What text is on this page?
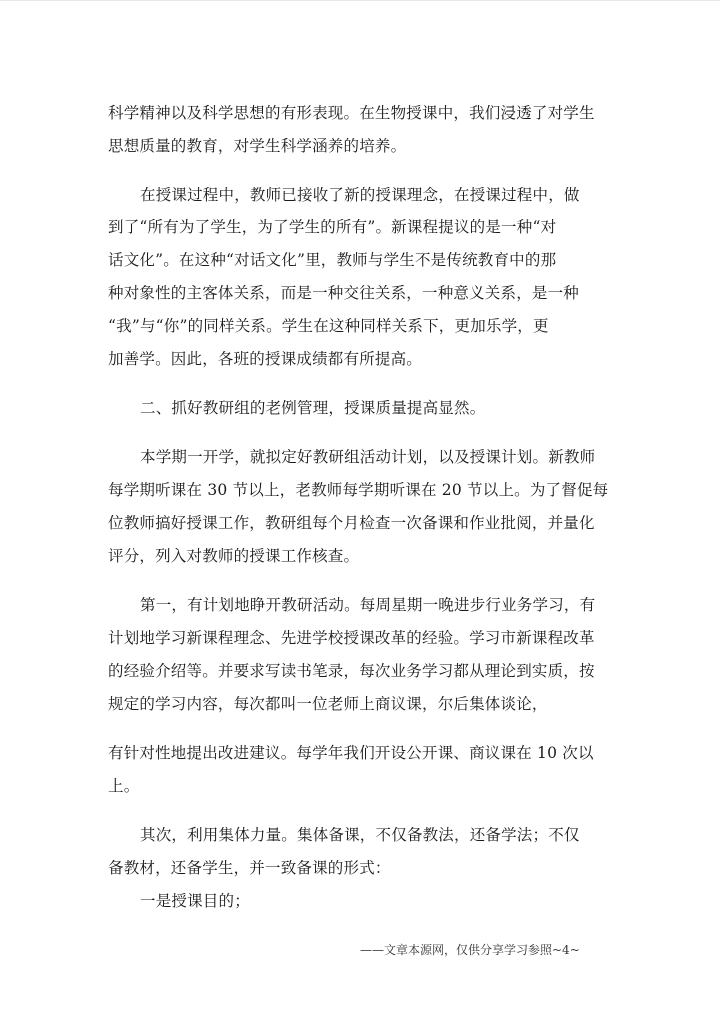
科学精神以及科学思想的有形表现。在生物授课中，我们浸透了对学生
思想质量的教育，对学生科学涵养的培养。
在授课过程中，教师已接收了新的授课理念，在授课过程中，做
到了“所有为了学生，为了学生的所有”。新课程提议的是一种“对
话文化”。在这种“对话文化”里，教师与学生不是传统教育中的那
种对象性的主客体关系，而是一种交往关系，一种意义关系，是一种
“我”与“你”的同样关系。学生在这种同样关系下，更加乐学，更
加善学。因此，各班的授课成绩都有所提高。
二、抓好教研组的老例管理，授课质量提高显然。
本学期一开学，就拟定好教研组活动计划，以及授课计划。新教师
每学期听课在 30 节以上，老教师每学期听课在 20 节以上。为了督促每
位教师搞好授课工作，教研组每个月检查一次备课和作业批阅，并量化
评分，列入对教师的授课工作核查。
第一，有计划地睁开教研活动。每周星期一晚进步行业务学习，有
计划地学习新课程理念、先进学校授课改革的经验。学习市新课程改革
的经验介绍等。并要求写读书笔录，每次业务学习都从理论到实质，按
规定的学习内容，每次都叫一位老师上商议课，尔后集体谈论，
有针对性地提出改进建议。每学年我们开设公开课、商议课在 10 次以
上。
其次，利用集体力量。集体备课，不仅备教法，还备学法；不仅
备教材，还备学生，并一致备课的形式：
一是授课目的；
——文章本源网，仅供分享学习参照~4~
